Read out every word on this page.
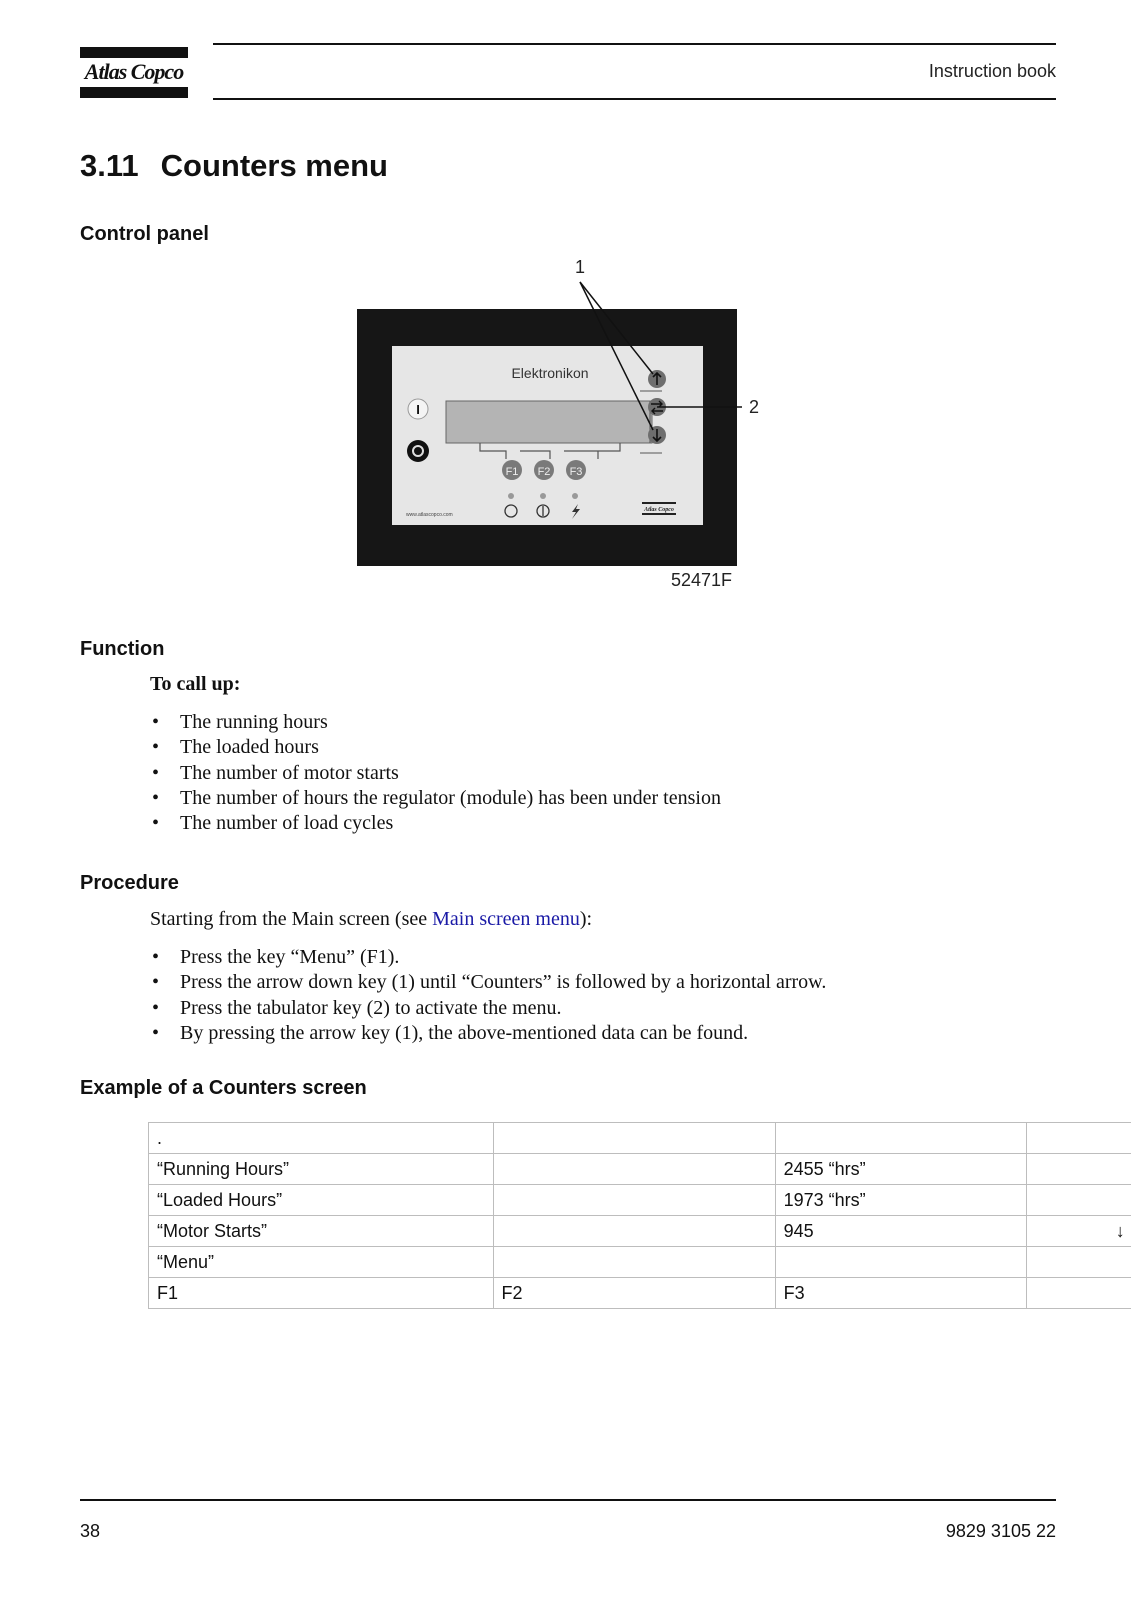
Atlas Copco	Instruction book
3.11 Counters menu
Control panel
Elektronikon
F1 F2 F3
I
www.atlascopco.com
Atlas Copco
1
2
52471F
Function
To call up:
• The running hours
• The loaded hours
• The number of motor starts
• The number of hours the regulator (module) has been under tension
• The number of load cycles
Procedure
Starting from the Main screen (see Main screen menu):
• Press the key “Menu” (F1).
• Press the arrow down key (1) until “Counters” is followed by a horizontal arrow.
• Press the tabulator key (2) to activate the menu.
• By pressing the arrow key (1), the above-mentioned data can be found.
Example of a Counters screen
.			
“Running Hours”		2455 “hrs”	
“Loaded Hours”		1973 “hrs”	
“Motor Starts”		945	↓
“Menu”			
F1	F2	F3	
38	9829 3105 22
